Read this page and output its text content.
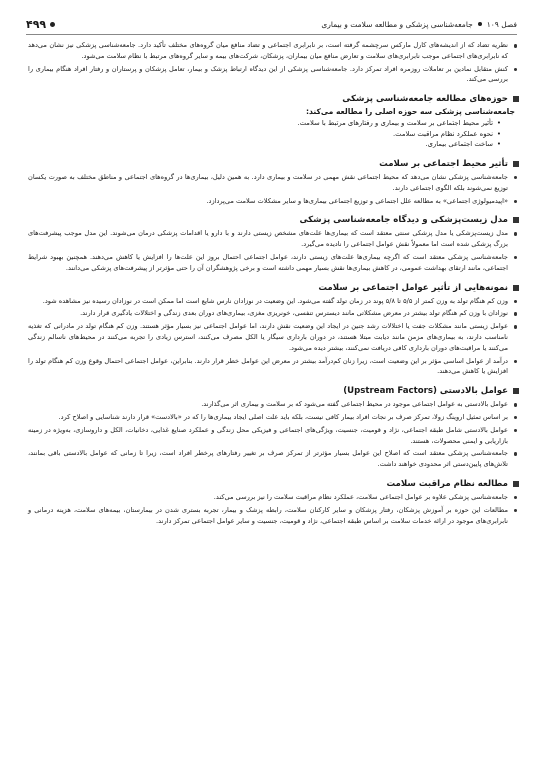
۴۹۹	فصل ۱۰۹
جامعه‌شناسی پزشکی و مطالعه سلامت و بیماری

نظریه تضاد که از اندیشه‌های کارل مارکس سرچشمه گرفته است، بر نابرابری اجتماعی و تضاد منافع میان گروه‌های مختلف تأکید دارد. جامعه‌شناسی پزشکی نیز نشان می‌دهد که نابرابری‌های اجتماعی موجب نابرابری‌های سلامت و تعارض منافع میان بیماران، پزشکان، شرکت‌های بیمه و سایر گروه‌های مرتبط با نظام سلامت می‌شود.

کنش متقابل نمادین بر تعاملات روزمره افراد تمرکز دارد. جامعه‌شناسی پزشکی از این دیدگاه ارتباط پزشک و بیمار، تعامل پزشکان و پرستاران و رفتار افراد هنگام بیماری را بررسی می‌کند.

حوزه‌های مطالعه جامعه‌شناسی پزشکی
جامعه‌شناسی پزشکی سه حوزه اصلی را مطالعه می‌کند:
• تأثیر محیط اجتماعی بر سلامت و بیماری و رفتارهای مرتبط با سلامت.
• نحوه عملکرد نظام مراقبت سلامت.
• ساخت اجتماعی بیماری.
تأثیر محیط اجتماعی بر سلامت

جامعه‌شناسی پزشکی نشان می‌دهد که محیط اجتماعی نقش مهمی در سلامت و بیماری دارد. به همین دلیل، بیماری‌ها در گروه‌های اجتماعی و مناطق مختلف به صورت یکسان توزیع نمی‌شوند بلکه الگوی اجتماعی دارند.

«اپیدمیولوژی اجتماعی» به مطالعه علل اجتماعی و توزیع اجتماعی بیماری‌ها و سایر مشکلات سلامت می‌پردازد.

مدل زیست‌پزشکی و دیدگاه جامعه‌شناسی پزشکی

مدل زیست‌پزشکی یا مدل پزشکی سنتی معتقد است که بیماری‌ها علت‌های مشخص زیستی دارند و با دارو یا اقدامات پزشکی درمان می‌شوند. این مدل موجب پیشرفت‌های بزرگ پزشکی شده است اما معمولاً نقش عوامل اجتماعی را نادیده می‌گیرد.

جامعه‌شناسی پزشکی معتقد است که اگرچه بیماری‌ها علت‌های زیستی دارند، عوامل اجتماعی احتمال بروز این علت‌ها را افزایش یا کاهش می‌دهند. همچنین بهبود شرایط اجتماعی، مانند ارتقای بهداشت عمومی، در کاهش بیماری‌ها نقش بسیار مهمی داشته است و برخی پژوهشگران آن را حتی مؤثرتر از پیشرفت‌های پزشکی می‌دانند.

نمونه‌هایی از تأثیر عوامل اجتماعی بر سلامت

وزن کم هنگام تولد به وزن کمتر از ۵/۵ تا ۵/۸ پوند در زمان تولد گفته می‌شود. این وضعیت در نوزادان نارس شایع است اما ممکن است در نوزادان رسیده نیز مشاهده شود.

نوزادان با وزن کم هنگام تولد بیشتر در معرض مشکلاتی مانند دیسترس تنفسی، خونریزی مغزی، بیماری‌های دوران بعدی زندگی و اختلالات یادگیری قرار دارند.

عوامل زیستی مانند مشکلات جفت یا اختلالات رشد جنین در ایجاد این وضعیت نقش دارند، اما عوامل اجتماعی نیز بسیار مؤثر هستند. وزن کم هنگام تولد در مادرانی که تغذیه نامناسب دارند، به بیماری‌های مزمن مانند دیابت مبتلا هستند، در دوران بارداری سیگار یا الکل مصرف می‌کنند، استرس زیادی را تجربه می‌کنند در محیط‌های ناسالم زندگی می‌کنند یا مراقبت‌های دوران بارداری کافی دریافت نمی‌کنند، بیشتر دیده می‌شود.

درآمد از عوامل اساسی مؤثر بر این وضعیت است، زیرا زنان کم‌درآمد بیشتر در معرض این عوامل خطر قرار دارند. بنابراین، عوامل اجتماعی احتمال وقوع وزن کم هنگام تولد را افزایش یا کاهش می‌دهند.

عوامل بالادستی (Upstream Factors)

عوامل بالادستی به عوامل اجتماعی موجود در محیط اجتماعی گفته می‌شود که بر سلامت و بیماری اثر می‌گذارند.

بر اساس تمثیل اروینگ زولا، تمرکز صرف بر نجات افراد بیمار کافی نیست، بلکه باید علت اصلی ایجاد بیماری‌ها را که در «بالادست» قرار دارند شناسایی و اصلاح کرد.

عوامل بالادستی شامل طبقه اجتماعی، نژاد و قومیت، جنسیت، ویژگی‌های اجتماعی و فیزیکی محل زندگی و عملکرد صنایع غذایی، دخانیات، الکل و داروسازی، به‌ویژه در زمینه بازاریابی و ایمنی محصولات، هستند.

جامعه‌شناسی پزشکی معتقد است که اصلاح این عوامل بسیار مؤثرتر از تمرکز صرف بر تغییر رفتارهای پرخطر افراد است، زیرا تا زمانی که عوامل بالادستی باقی بمانند، تلاش‌های پایین‌دستی اثر محدودی خواهند داشت.

مطالعه نظام مراقبت سلامت

جامعه‌شناسی پزشکی علاوه بر عوامل اجتماعی سلامت، عملکرد نظام مراقبت سلامت را نیز بررسی می‌کند.

مطالعات این حوزه بر آموزش پزشکان، رفتار پزشکان و سایر کارکنان سلامت، رابطه پزشک و بیمار، تجربه بستری شدن در بیمارستان، بیمه‌های سلامت، هزینه درمانی و نابرابری‌های موجود در ارائه خدمات سلامت بر اساس طبقه اجتماعی، نژاد و قومیت، جنسیت و سایر عوامل اجتماعی تمرکز دارند.
